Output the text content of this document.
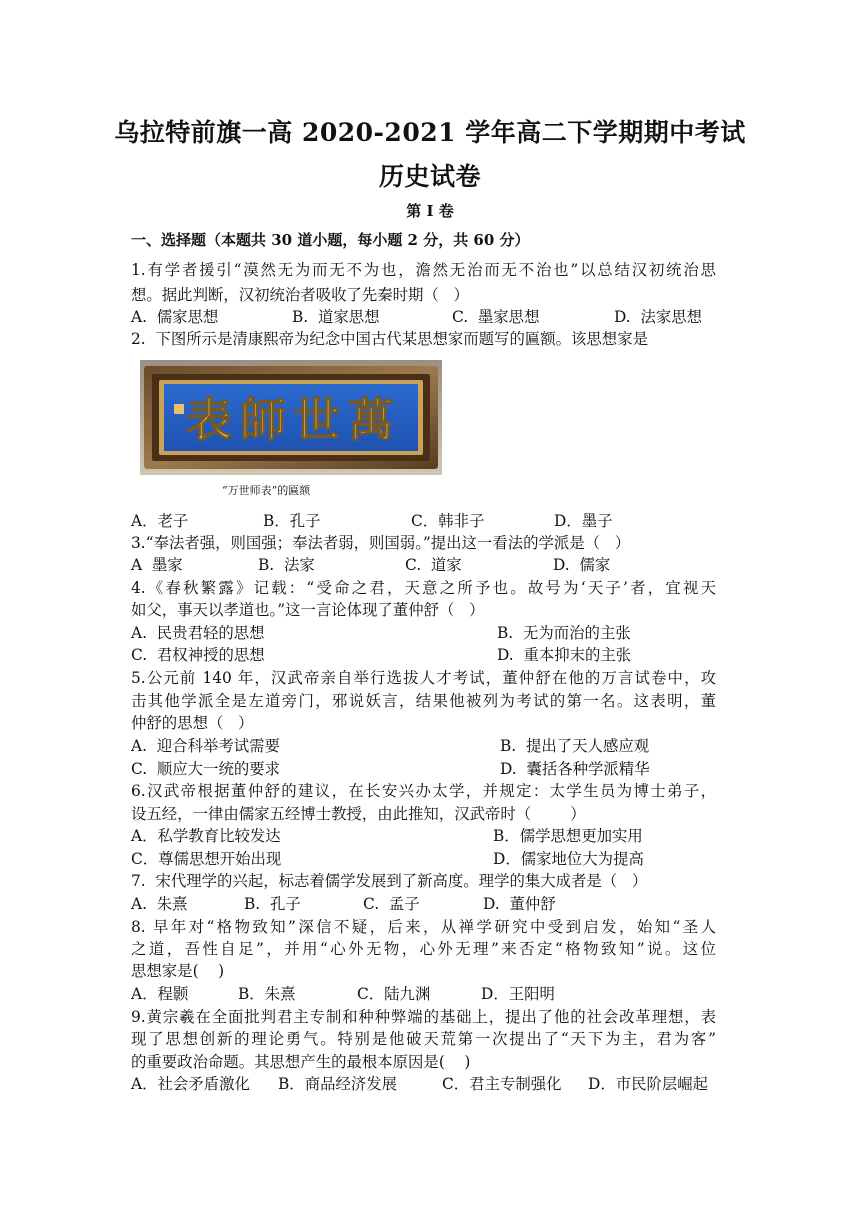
乌拉特前旗一高 2020-2021 学年高二下学期期中考试
历史试卷
第 I 卷
一、选择题（本题共 30 道小题，每小题 2 分，共 60 分）
1.有学者援引“漠然无为而无不为也，澹然无治而无不治也”以总结汉初统治思
想。据此判断，汉初统治者吸收了先秦时期（   ）
A.  儒家思想	B.  道家思想	C.  墨家思想	D.  法家思想
2.  下图所示是清康熙帝为纪念中国古代某思想家而题写的匾额。该思想家是
表師世萬
“万世师表”的匾额
A．老子	B．孔子	C．韩非子	D．墨子
3.“奉法者强，则国强；奉法者弱，则国弱。”提出这一看法的学派是（   ）
A  墨家	B.  法家	C.  道家	D.  儒家
4.《春秋繁露》记载：“受命之君，天意之所予也。故号为‘天子’者，宜视天
如父，事天以孝道也。”这一言论体现了董仲舒（   ）
A.  民贵君轻的思想	B.  无为而治的主张
C.  君权神授的思想	D.  重本抑末的主张
5.公元前 140 年，汉武帝亲自举行选拔人才考试，董仲舒在他的万言试卷中，攻
击其他学派全是左道旁门，邪说妖言，结果他被列为考试的第一名。这表明，董
仲舒的思想（   ）
A.  迎合科举考试需要	B.  提出了天人感应观
C.  顺应大一统的要求	D.  囊括各种学派精华
6.汉武帝根据董仲舒的建议，在长安兴办太学，并规定：太学生员为博士弟子，
设五经，一律由儒家五经博士教授，由此推知，汉武帝时（        ）
A．私学教育比较发达	B．儒学思想更加实用
C．尊儒思想开始出现	D．儒家地位大为提高
7.  宋代理学的兴起，标志着儒学发展到了新高度。理学的集大成者是（   ）
A.  朱熹	B.  孔子	C.  孟子	D.  董仲舒
8. 早年对“格物致知”深信不疑，后来，从禅学研究中受到启发，始知“圣人
之道，吾性自足”，并用“心外无物，心外无理”来否定“格物致知”说。这位
思想家是(    )
A．程颢	B．朱熹	C．陆九渊	D．王阳明
9.黄宗羲在全面批判君主专制和种种弊端的基础上，提出了他的社会改革理想，表
现了思想创新的理论勇气。特别是他破天荒第一次提出了“天下为主，君为客”
的重要政治命题。其思想产生的最根本原因是(    )
A．社会矛盾激化 B．商品经济发展	C．君主专制强化 D．市民阶层崛起
